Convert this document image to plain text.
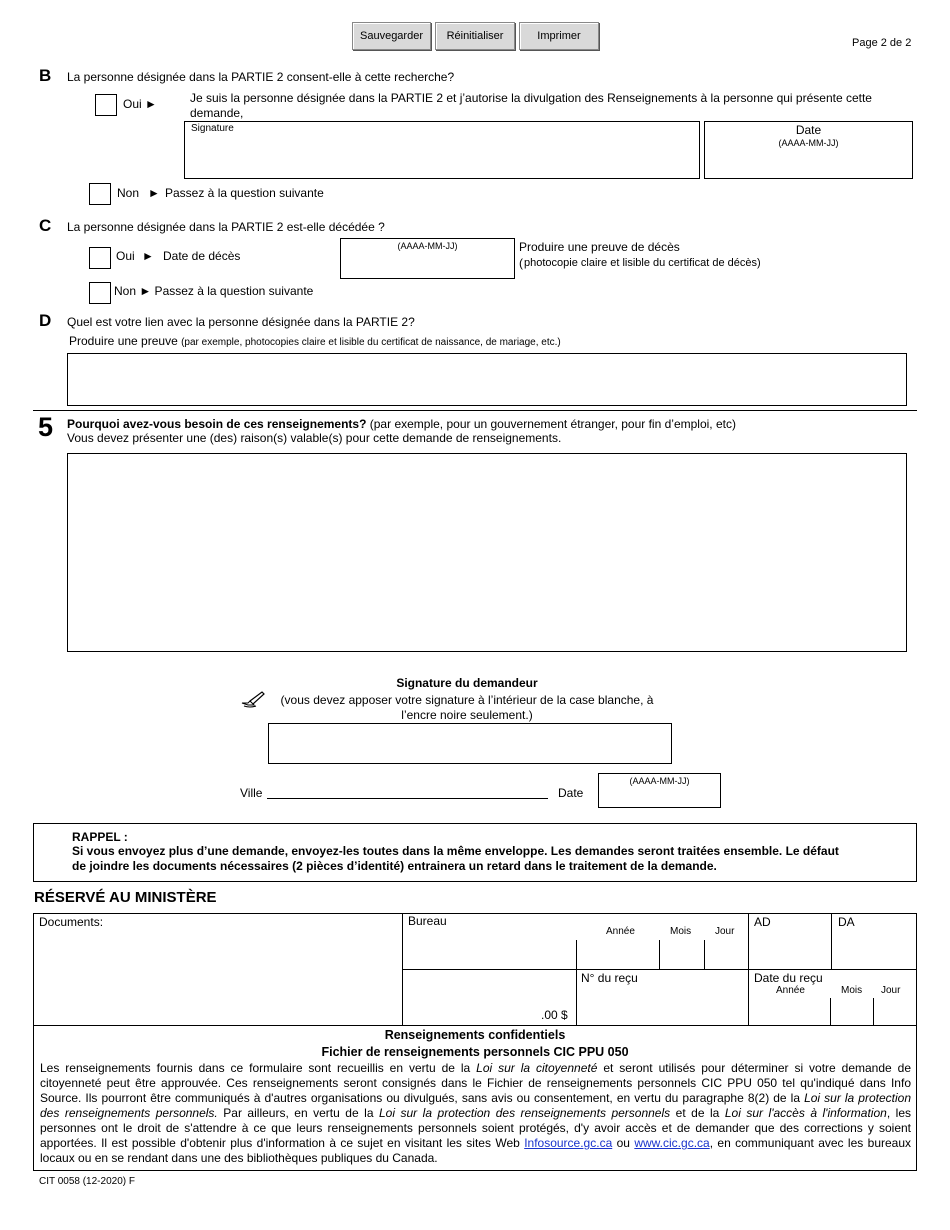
Sauvegarder	Réinitialiser	Imprimer
Page 2 de 2
B La personne désignée dans la PARTIE 2 consent-elle à cette recherche?
Oui ►	Je suis la personne désignée dans la PARTIE 2 et j’autorise la divulgation des Renseignements à la personne qui présente cette demande,
Signature	Date
(AAAA-MM-JJ)
Non ► Passez à la question suivante
C La personne désignée dans la PARTIE 2 est-elle décédée ?
Oui ► Date de décès
(AAAA-MM-JJ)	Produire une preuve de décès
( photocopie claire et lisible du certificat de décès)
Non ► Passez à la question suivante
D Quel est votre lien avec la personne désignée dans la PARTIE 2?
Produire une preuve (par exemple, photocopies claire et lisible du certificat de naissance, de mariage, etc.)
5 Pourquoi avez-vous besoin de ces renseignements? (par exemple, pour un gouvernement étranger, pour fin d’emploi, etc)
Vous devez présenter une (des) raison(s) valable(s) pour cette demande de renseignements.
Signature du demandeur
(vous devez apposer votre signature à l’intérieur de la case blanche, à
l’encre noire seulement.)
Ville	Date
(AAAA-MM-JJ)
RAPPEL :
Si vous envoyez plus d’une demande, envoyez-les toutes dans la même enveloppe. Les demandes seront traitées ensemble. Le défaut
de joindre les documents nécessaires (2 pièces d’identité) entrainera un retard dans le traitement de la demande.
RÉSERVÉ AU MINISTÈRE
Documents:	Bureau
Année	Mois Jour
AD	DA
.00 $
N° du reçu	Date du reçu
Année	Mois Jour
Renseignements confidentiels
Fichier de renseignements personnels CIC PPU 050
Les renseignements fournis dans ce formulaire sont recueillis en vertu de la Loi sur la citoyenneté et seront utilisés pour déterminer si votre demande de citoyenneté peut être approuvée. Ces renseignements seront consignés dans le Fichier de renseignements personnels CIC PPU 050 tel qu'indiqué dans Info Source. Ils pourront être communiqués à d'autres organisations ou divulgués, sans avis ou consentement, en vertu du paragraphe 8(2) de la Loi sur la protection des renseignements personnels. Par ailleurs, en vertu de la Loi sur la protection des renseignements personnels et de la Loi sur l'accès à l'information, les personnes ont le droit de s'attendre à ce que leurs renseignements personnels soient protégés, d'y avoir accès et de demander que des corrections y soient apportées. Il est possible d'obtenir plus d'information à ce sujet en visitant les sites Web Infosource.gc.ca ou www.cic.gc.ca, en communiquant avec les bureaux locaux ou en se rendant dans une des bibliothèques publiques du Canada.
CIT 0058 (12-2020) F
